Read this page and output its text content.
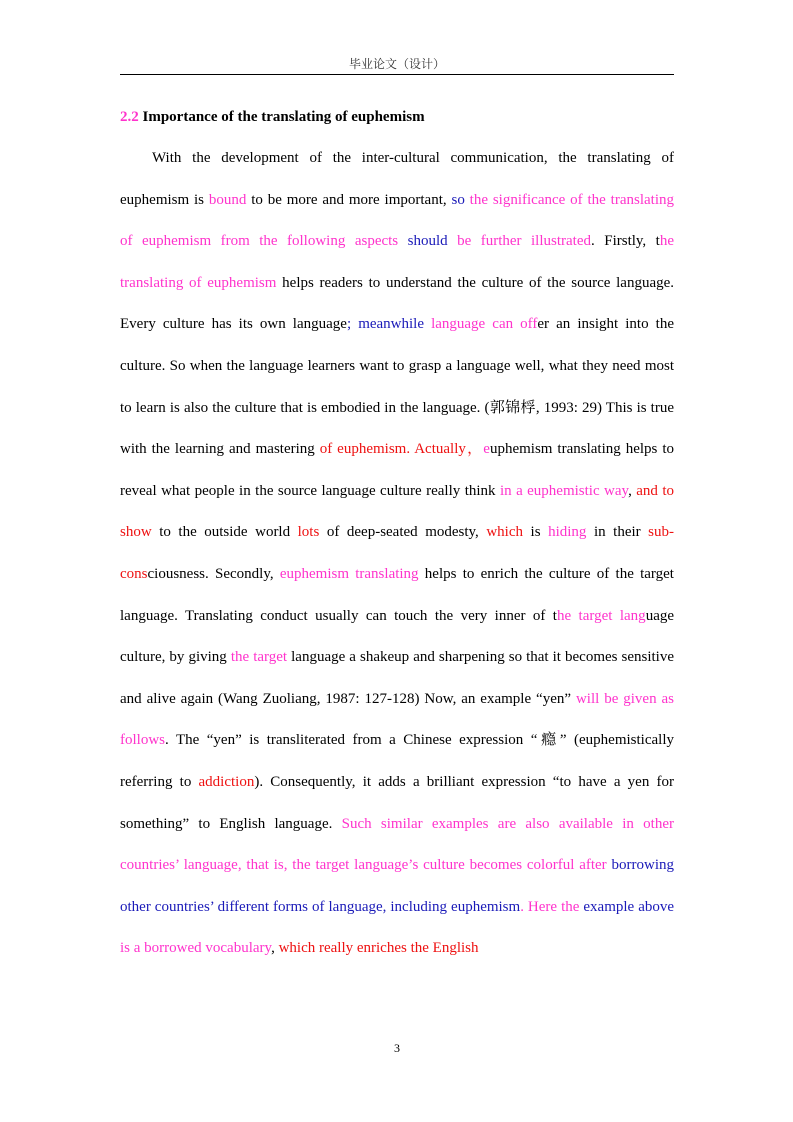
毕业论文（设计）
2.2 Importance of the translating of euphemism

With the development of the inter-cultural communication, the translating of euphemism is bound to be more and more important, so the significance of the translating of euphemism from the following aspects should be further illustrated. Firstly, the translating of euphemism helps readers to understand the culture of the source language. Every culture has its own language; meanwhile language can offer an insight into the culture. So when the language learners want to grasp a language well, what they need most to learn is also the culture that is embodied in the language. (郭锦桴, 1993: 29) This is true with the learning and mastering of euphemism. Actually，euphemism translating helps to reveal what people in the source language culture really think in a euphemistic way, and to show to the outside world lots of deep-seated modesty, which is hiding in their sub-consciousness. Secondly, euphemism translating helps to enrich the culture of the target language. Translating conduct usually can touch the very inner of the target language culture, by giving the target language a shakeup and sharpening so that it becomes sensitive and alive again (Wang Zuoliang, 1987: 127-128) Now, an example “yen” will be given as follows. The “yen” is transliterated from a Chinese expression “瘾” (euphemistically referring to addiction). Consequently, it adds a brilliant expression “to have a yen for something” to English language. Such similar examples are also available in other countries’ language, that is, the target language’s culture becomes colorful after borrowing other countries’ different forms of language, including euphemism. Here the example above is a borrowed vocabulary, which really enriches the English

3
